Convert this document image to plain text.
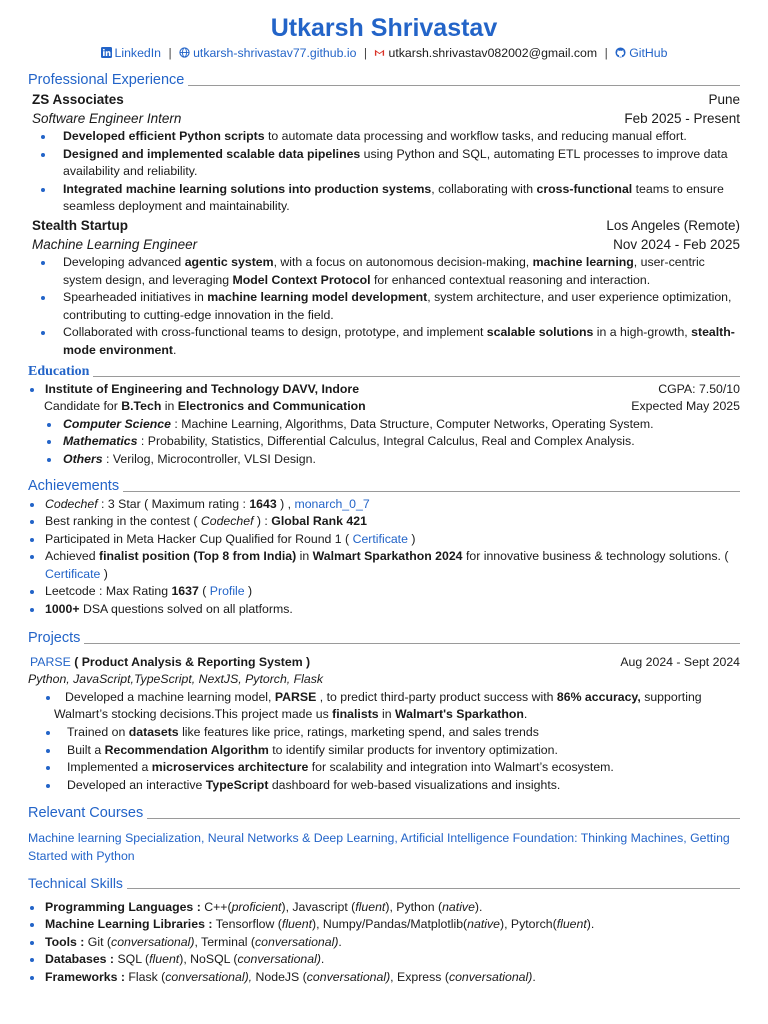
Utkarsh Shrivastav
LinkedIn | utkarsh-shrivastav77.github.io | utkarsh.shrivastav082002@gmail.com | GitHub
Professional Experience
ZS Associates	Pune
Software Engineer Intern	Feb 2025 - Present
Developed efficient Python scripts to automate data processing and workflow tasks, and reducing manual effort.
Designed and implemented scalable data pipelines using Python and SQL, automating ETL processes to improve data availability and reliability.
Integrated machine learning solutions into production systems, collaborating with cross-functional teams to ensure seamless deployment and maintainability.
Stealth Startup	Los Angeles (Remote)
Machine Learning Engineer	Nov 2024 - Feb 2025
Developing advanced agentic system, with a focus on autonomous decision-making, machine learning, user-centric system design, and leveraging Model Context Protocol for enhanced contextual reasoning and interaction.
Spearheaded initiatives in machine learning model development, system architecture, and user experience optimization, contributing to cutting-edge innovation in the field.
Collaborated with cross-functional teams to design, prototype, and implement scalable solutions in a high-growth, stealth-mode environment.
Education
Institute of Engineering and Technology DAVV, Indore	CGPA: 7.50/10
Candidate for B.Tech in Electronics and Communication	Expected May 2025
Computer Science : Machine Learning, Algorithms, Data Structure, Computer Networks, Operating System.
Mathematics : Probability, Statistics, Differential Calculus, Integral Calculus, Real and Complex Analysis.
Others : Verilog, Microcontroller, VLSI Design.
Achievements
Codechef : 3 Star ( Maximum rating : 1643 ) , monarch_0_7
Best ranking in the contest ( Codechef ) : Global Rank 421
Participated in Meta Hacker Cup Qualified for Round 1 ( Certificate )
Achieved finalist position (Top 8 from India) in Walmart Sparkathon 2024 for innovative business & technology solutions. ( Certificate )
Leetcode : Max Rating 1637 ( Profile )
1000+ DSA questions solved on all platforms.
Projects
PARSE ( Product Analysis & Reporting System )	Aug 2024 - Sept 2024
Python, JavaScript,TypeScript, NextJS, Pytorch, Flask
Developed a machine learning model, PARSE , to predict third-party product success with 86% accuracy, supporting Walmart’s stocking decisions.This project made us finalists in Walmart's Sparkathon.
Trained on datasets like features like price, ratings, marketing spend, and sales trends
Built a Recommendation Algorithm to identify similar products for inventory optimization.
Implemented a microservices architecture for scalability and integration into Walmart’s ecosystem.
Developed an interactive TypeScript dashboard for web-based visualizations and insights.
Relevant Courses
Machine learning Specialization, Neural Networks & Deep Learning, Artificial Intelligence Foundation: Thinking Machines, Getting Started with Python
Technical Skills
Programming Languages : C++(proficient), Javascript (fluent), Python (native).
Machine Learning Libraries : Tensorflow (fluent), Numpy/Pandas/Matplotlib(native), Pytorch(fluent).
Tools : Git (conversational), Terminal (conversational).
Databases : SQL (fluent), NoSQL (conversational).
Frameworks : Flask (conversational), NodeJS (conversational), Express (conversational).
